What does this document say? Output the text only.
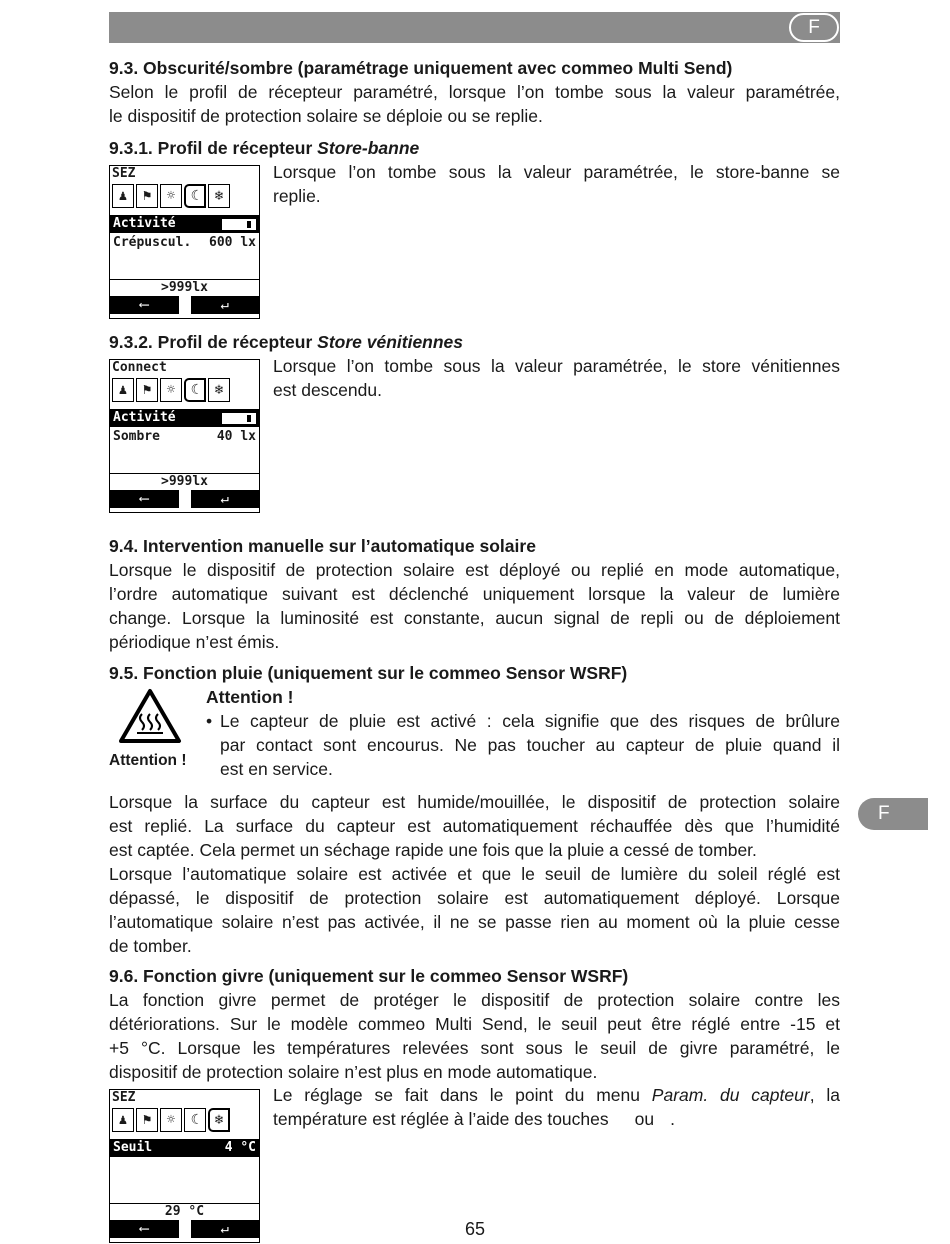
F
F
9.3. Obscurité/sombre (paramétrage uniquement avec commeo Multi Send)
Selon le profil de récepteur paramétré, lorsque l’on tombe sous la valeur paramétrée,
le dispositif de protection solaire se déploie ou se replie.
9.3.1. Profil de récepteur Store-banne
SEZ
♟	⚑	☼	☾	❄
Activité
Crépuscul. 600 lx
>999lx
⟵	↵
Lorsque l’on tombe sous la valeur paramétrée, le store-banne se
replie.
9.3.2. Profil de récepteur Store vénitiennes
Connect
♟	⚑	☼	☾	❄
Activité
Sombre	40 lx
>999lx
⟵	↵
Lorsque l’on tombe sous la valeur paramétrée, le store vénitiennes
est descendu.
9.4. Intervention manuelle sur l’automatique solaire
Lorsque le dispositif de protection solaire est déployé ou replié en mode automatique,
l’ordre automatique suivant est déclenché uniquement lorsque la valeur de lumière
change. Lorsque la luminosité est constante, aucun signal de repli ou de déploiement
périodique n’est émis.
9.5. Fonction pluie (uniquement sur le commeo Sensor WSRF)
Attention !
Attention !
• Le capteur de pluie est activé : cela signifie que des risques de brûlure
par contact sont encourus. Ne pas toucher au capteur de pluie quand il
est en service.
Lorsque la surface du capteur est humide/mouillée, le dispositif de protection solaire
est replié. La surface du capteur est automatiquement réchauffée dès que l’humidité
est captée. Cela permet un séchage rapide une fois que la pluie a cessé de tomber.
Lorsque l’automatique solaire est activée et que le seuil de lumière du soleil réglé est
dépassé, le dispositif de protection solaire est automatiquement déployé. Lorsque
l’automatique solaire n’est pas activée, il ne se passe rien au moment où la pluie cesse
de tomber.
9.6. Fonction givre (uniquement sur le commeo Sensor WSRF)
La fonction givre permet de protéger le dispositif de protection solaire contre les
détériorations. Sur le modèle commeo Multi Send, le seuil peut être réglé entre -15 et
+5 °C. Lorsque les températures relevées sont sous le seuil de givre paramétré, le
dispositif de protection solaire n’est plus en mode automatique.
SEZ
♟	⚑	☼	☾	❄
Seuil	4 °C
29 °C
⟵	↵
Le réglage se fait dans le point du menu Param. du capteur, la
température est réglée à l’aide des touches ou .
65
